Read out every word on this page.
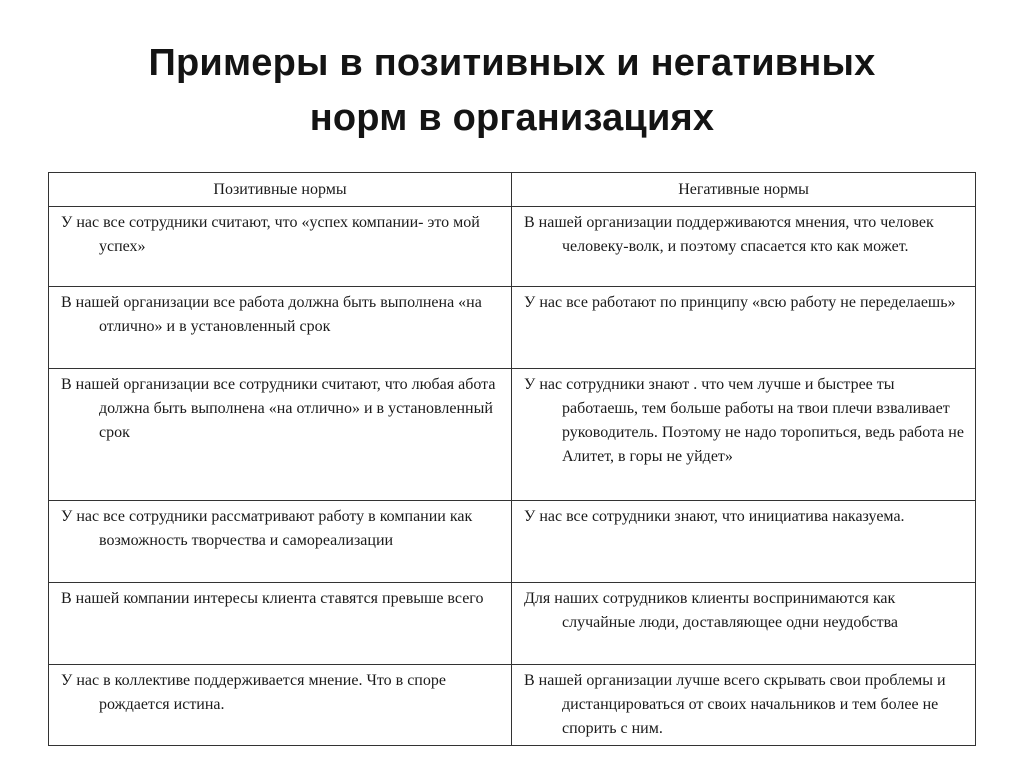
Примеры в позитивных и негативных
норм в организациях
Позитивные нормы	Негативные нормы

У нас все сотрудники считают, что «успех компании- это мой успех»	В нашей организации поддерживаются мнения, что человек человеку-волк, и поэтому спасается кто как может.

В нашей организации все работа должна быть выполнена «на отлично» и в установленный срок	У нас все работают по принципу «всю работу не переделаешь»

В нашей организации все сотрудники считают, что любая абота должна быть выполнена «на отлично» и в установленный срок	У нас сотрудники знают . что чем лучше и быстрее ты работаешь, тем больше работы на твои плечи взваливает руководитель. Поэтому не надо торопиться, ведь работа не Алитет, в горы не уйдет»

У нас все сотрудники рассматривают работу в компании как возможность творчества и самореализации	У нас все сотрудники знают, что инициатива наказуема.

В нашей компании интересы клиента ставятся превыше всего	Для наших сотрудников клиенты воспринимаются как случайные люди, доставляющее одни неудобства

У нас в коллективе поддерживается мнение. Что в споре рождается истина.	В нашей организации лучше всего скрывать свои проблемы и дистанцироваться от своих начальников и тем более не спорить с ним.
